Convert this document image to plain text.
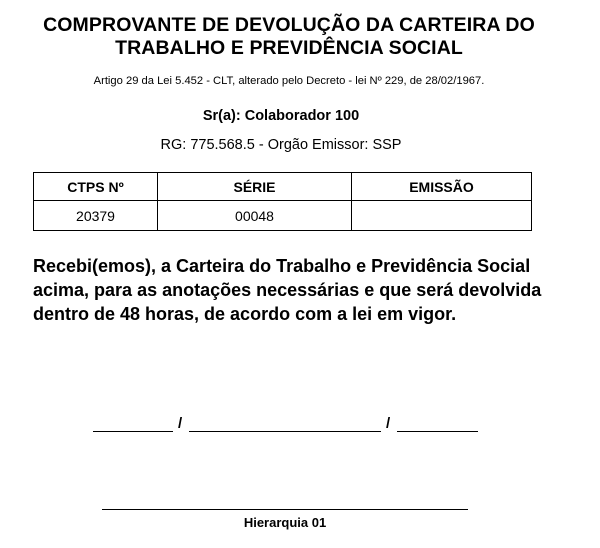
COMPROVANTE DE DEVOLUÇÃO DA CARTEIRA DO TRABALHO E PREVIDÊNCIA SOCIAL
Artigo 29 da Lei 5.452 - CLT, alterado pelo Decreto - lei Nº 229, de 28/02/1967.
Sr(a): Colaborador 100
RG: 775.568.5 - Orgão Emissor: SSP
CTPS Nº	SÉRIE	EMISSÃO
20379	00048	
Recebi(emos), a Carteira do Trabalho e Previdência Social acima, para as anotações necessárias e que será devolvida dentro de 48 horas, de acordo com a lei em vigor.
/	/
Hierarquia 01
